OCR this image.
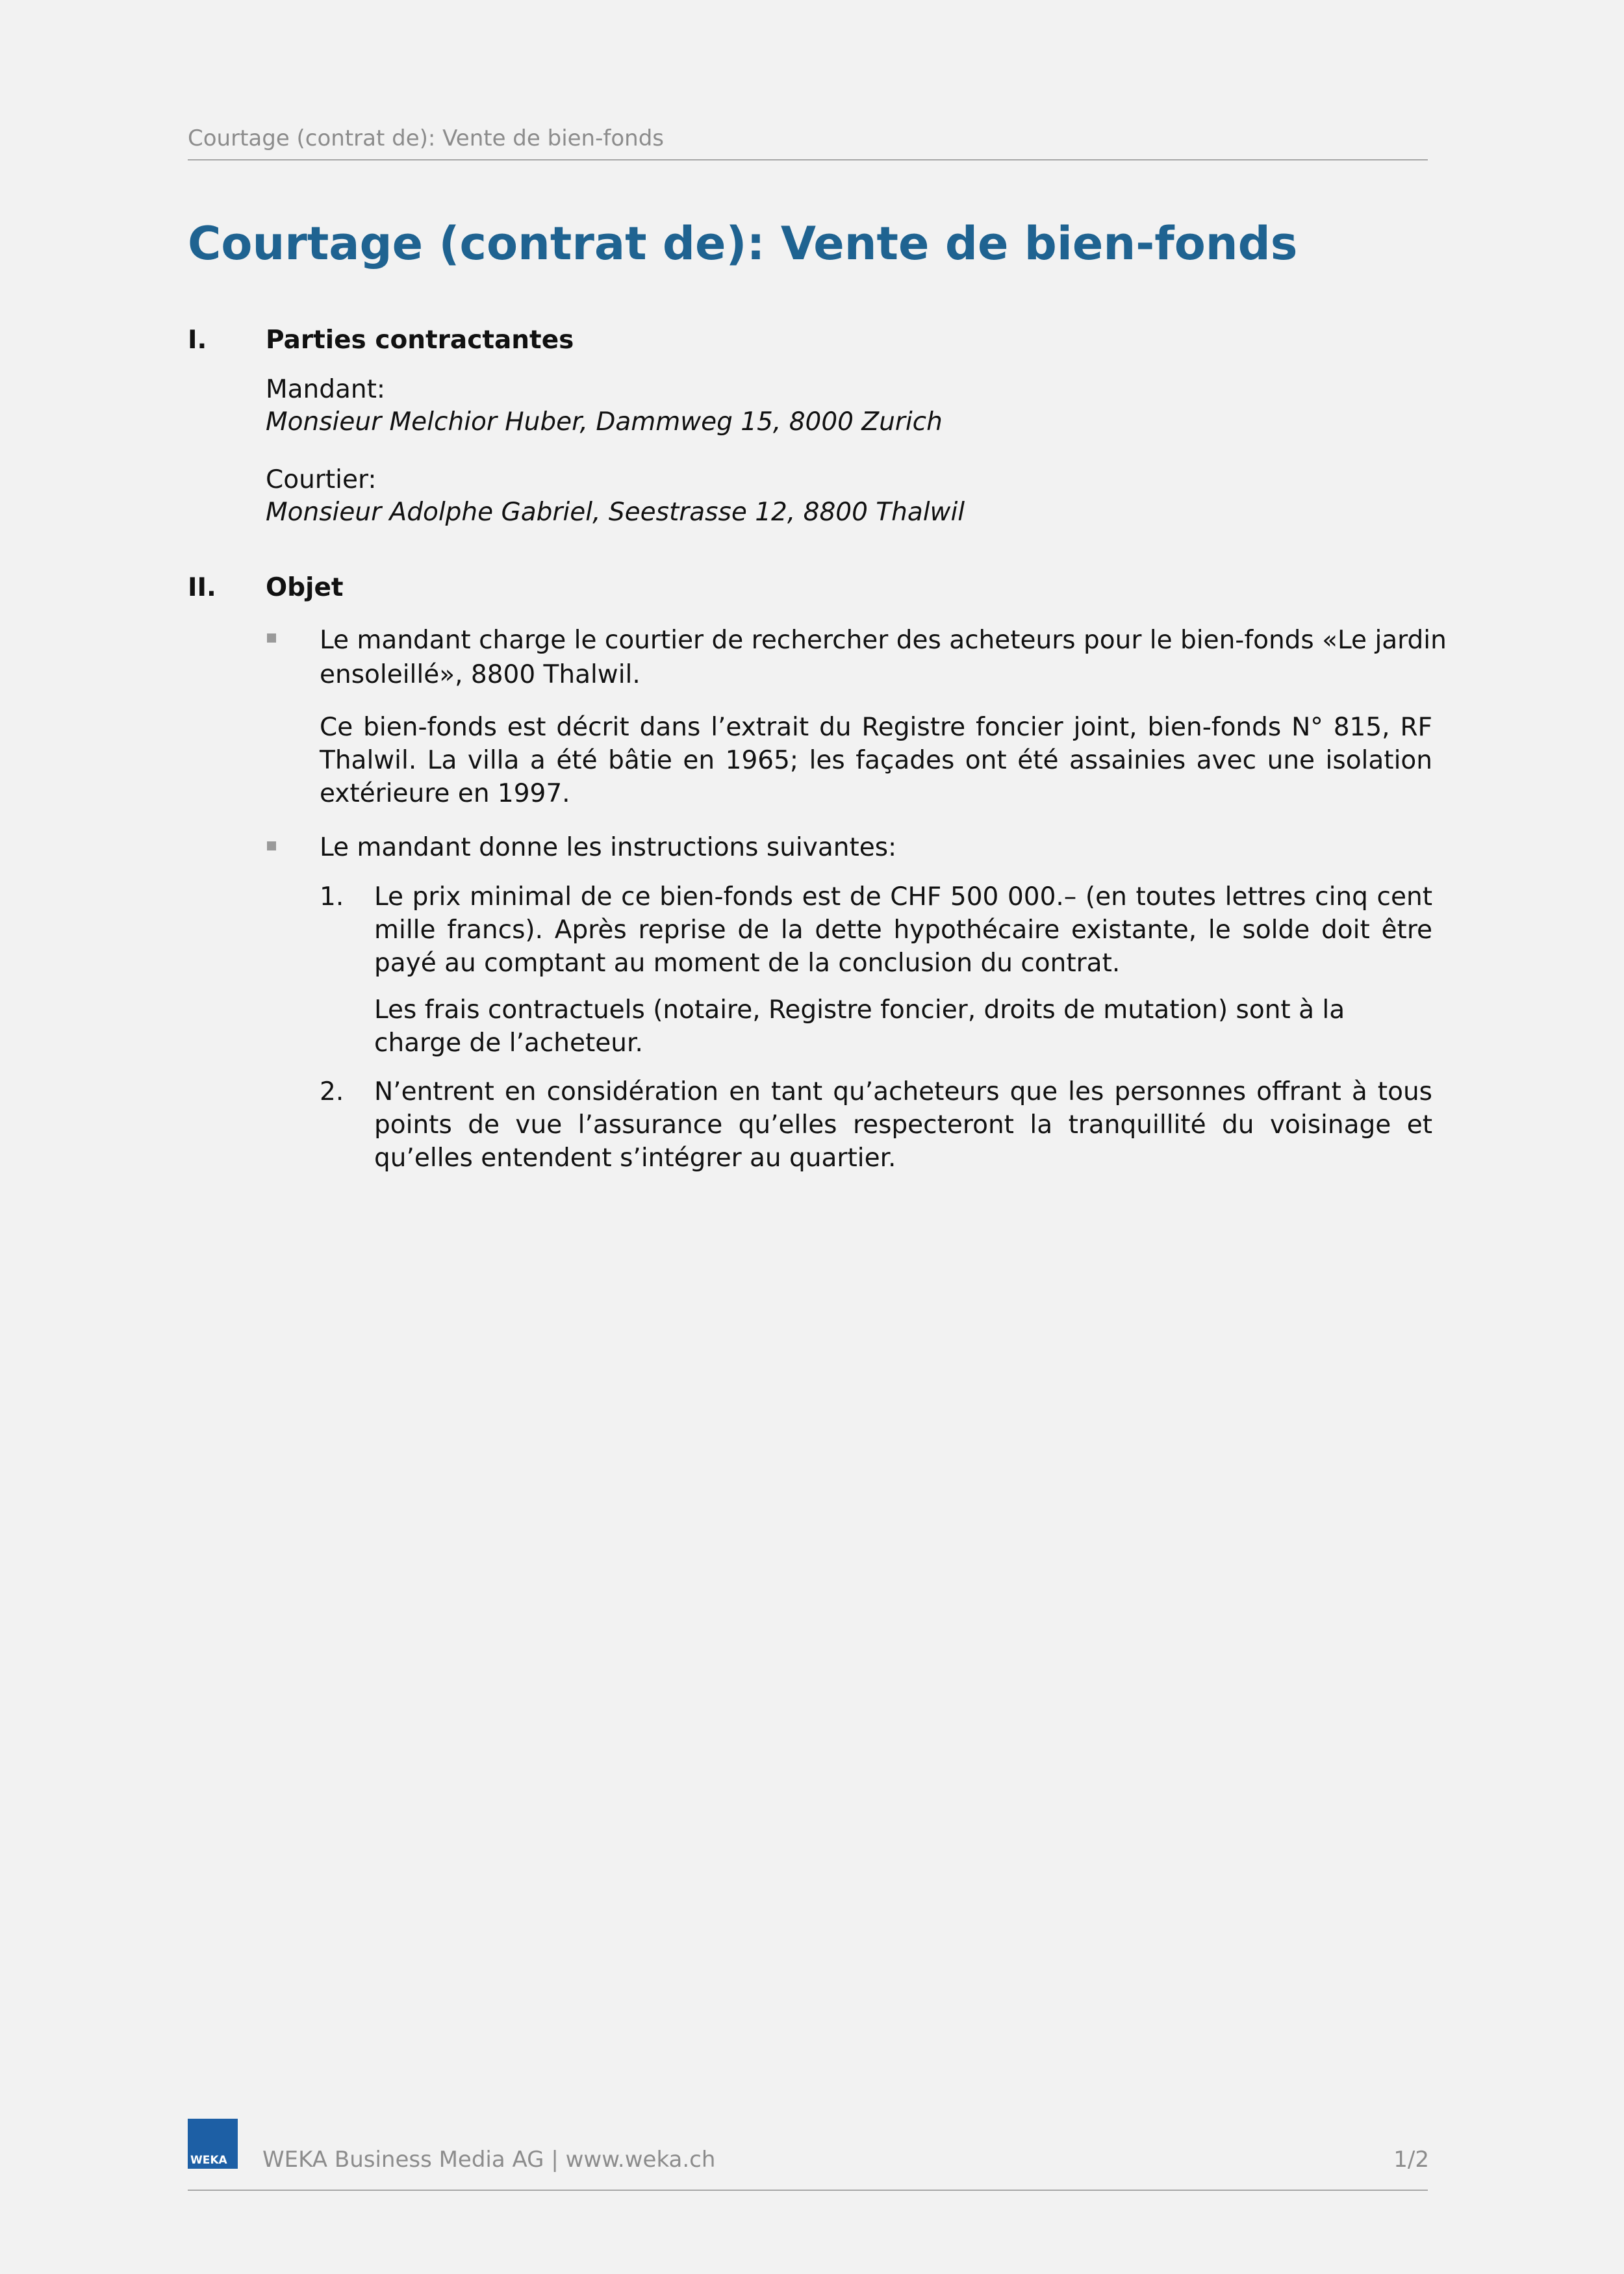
Courtage (contrat de): Vente de bien-fonds
Courtage (contrat de): Vente de bien-fonds
I. Parties contractantes
Mandant:
Monsieur Melchior Huber, Dammweg 15, 8000 Zurich
Courtier:
Monsieur Adolphe Gabriel, Seestrasse 12, 8800 Thalwil
II. Objet
Le mandant charge le courtier de rechercher des acheteurs pour le bien-fonds «Le jardin
ensoleillé», 8800 Thalwil.
Ce bien-fonds est décrit dans l’extrait du Registre foncier joint, bien-fonds N° 815, RF Thalwil. La villa a été bâtie en 1965; les façades ont été assainies avec une isolation extérieure en 1997.
Le mandant donne les instructions suivantes:
1. Le prix minimal de ce bien-fonds est de CHF 500 000.– (en toutes lettres cinq cent mille francs). Après reprise de la dette hypothécaire existante, le solde doit être payé au comptant au moment de la conclusion du contrat.
Les frais contractuels (notaire, Registre foncier, droits de mutation) sont à la charge de l’acheteur.
2. N’entrent en considération en tant qu’acheteurs que les personnes offrant à tous points de vue l’assurance qu’elles respecteront la tranquillité du voisinage et qu’elles entendent s’intégrer au quartier.
WEKA WEKA Business Media AG | www.weka.ch	1/2
